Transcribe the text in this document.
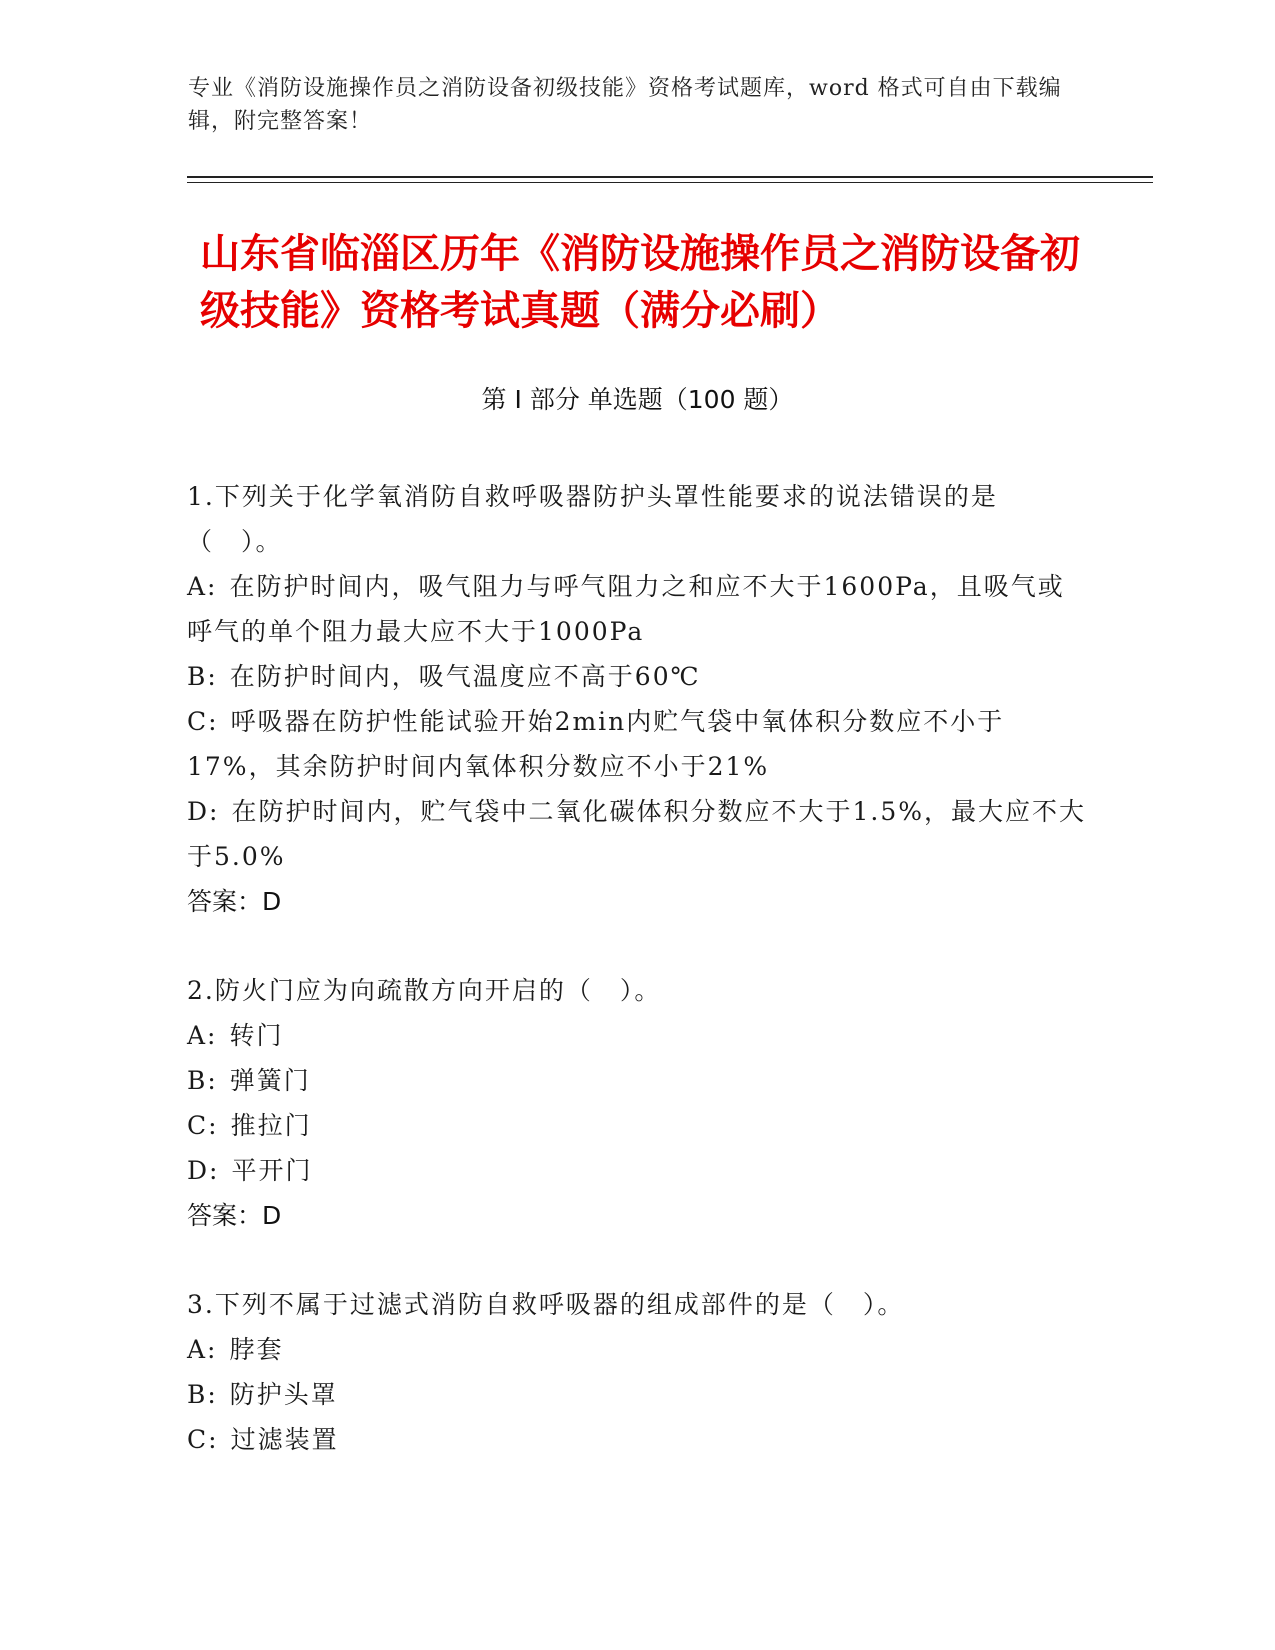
专业《消防设施操作员之消防设备初级技能》资格考试题库，word 格式可自由下载编辑，附完整答案！
山东省临淄区历年《消防设施操作员之消防设备初级技能》资格考试真题（满分必刷）
第 I 部分 单选题（100 题）
1.下列关于化学氧消防自救呼吸器防护头罩性能要求的说法错误的是（　）。
A: 在防护时间内，吸气阻力与呼气阻力之和应不大于1600Pa，且吸气或呼气的单个阻力最大应不大于1000Pa
B: 在防护时间内，吸气温度应不高于60℃
C: 呼吸器在防护性能试验开始2min内贮气袋中氧体积分数应不小于17%，其余防护时间内氧体积分数应不小于21%
D: 在防护时间内，贮气袋中二氧化碳体积分数应不大于1.5%，最大应不大于5.0%
答案：D
2.防火门应为向疏散方向开启的（　）。
A: 转门
B: 弹簧门
C: 推拉门
D: 平开门
答案：D
3.下列不属于过滤式消防自救呼吸器的组成部件的是（　）。
A: 脖套
B: 防护头罩
C: 过滤装置
